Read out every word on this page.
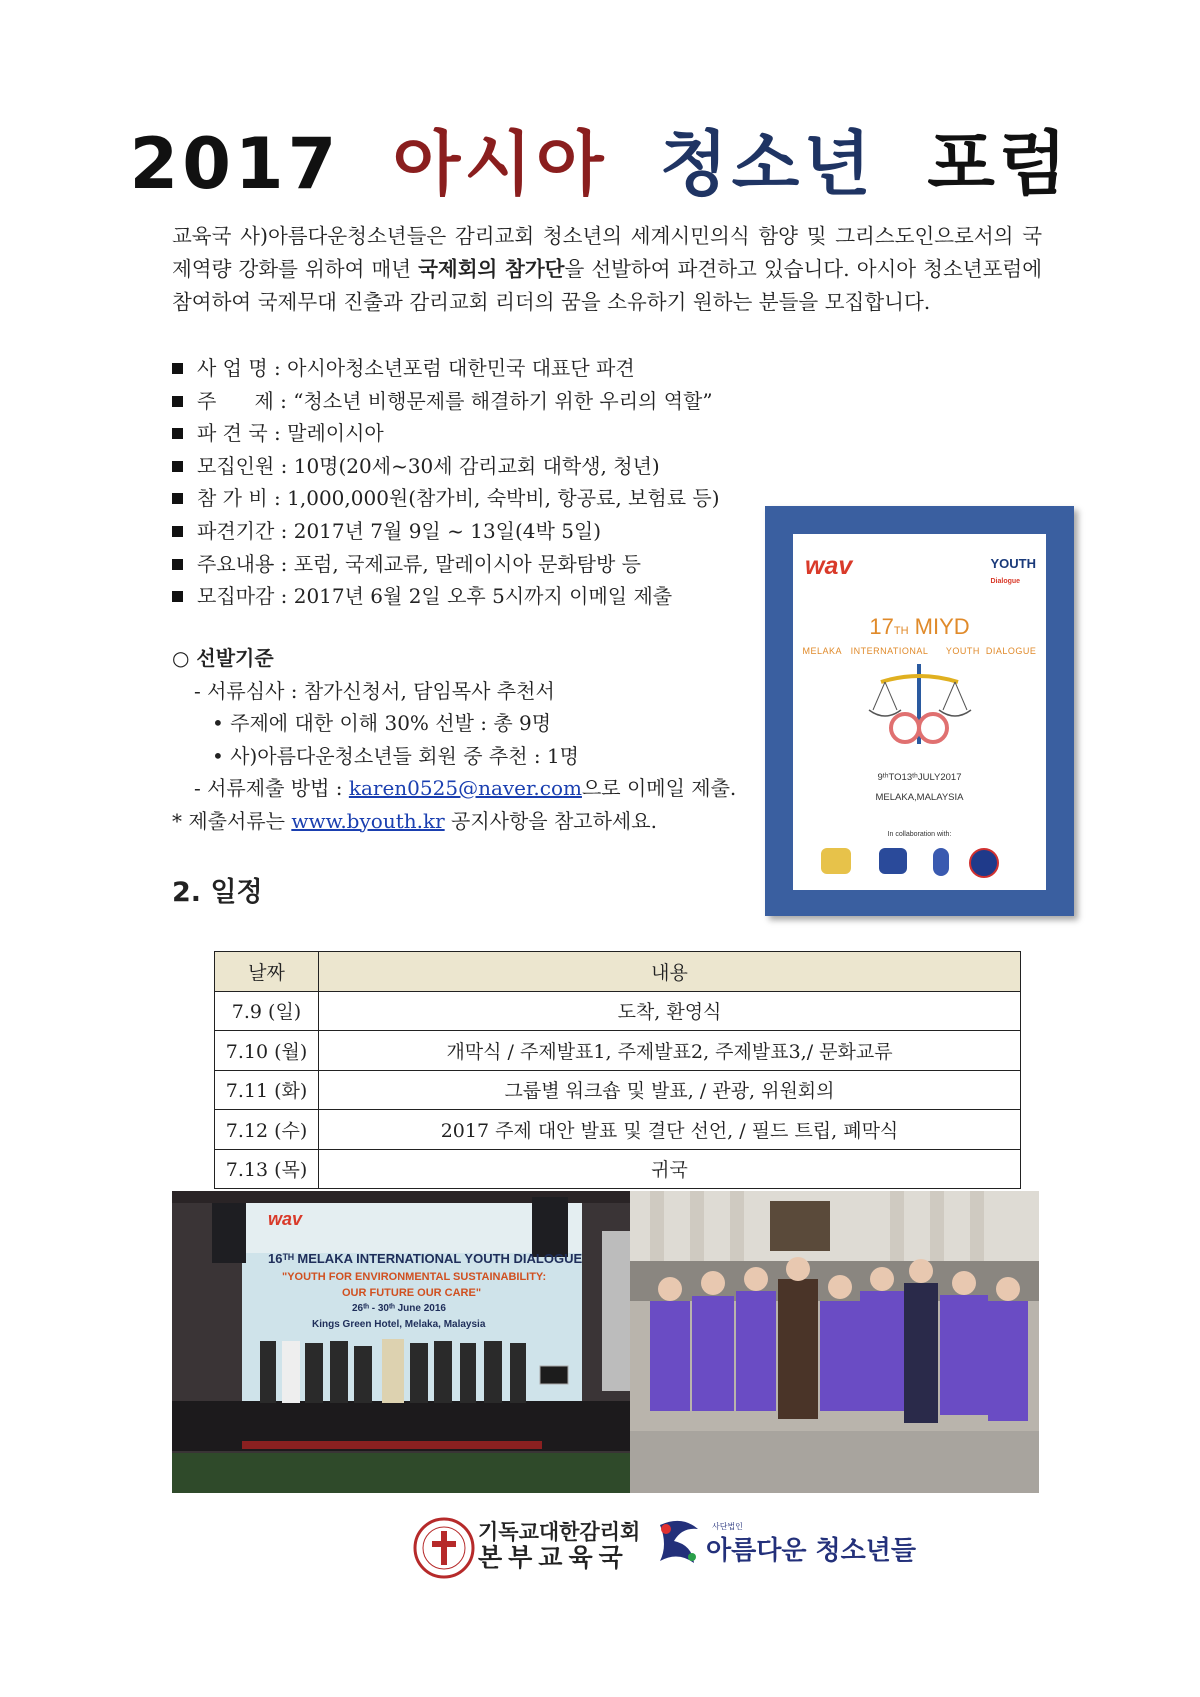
2017 아시아 청소년 포럼
교육국 사)아름다운청소년들은 감리교회 청소년의 세계시민의식 함양 및 그리스도인으로서의 국제역량 강화를 위하여 매년 국제회의 참가단을 선발하여 파견하고 있습니다. 아시아 청소년포럼에 참여하여 국제무대 진출과 감리교회 리더의 꿈을 소유하기 원하는 분들을 모집합니다.
사 업 명 : 아시아청소년포럼 대한민국 대표단 파견
주      제 : “청소년 비행문제를 해결하기 위한 우리의 역할”
파 견 국 : 말레이시아
모집인원 : 10명(20세~30세 감리교회 대학생, 청년)
참 가 비 : 1,000,000원(참가비, 숙박비, 항공료, 보험료 등)
파견기간 : 2017년 7월 9일 ~ 13일(4박 5일)
주요내용 : 포럼, 국제교류, 말레이시아 문화탐방 등
모집마감 : 2017년 6월 2일 오후 5시까지 이메일 제출
○ 선발기준
- 서류심사 : 참가신청서, 담임목사 추천서
• 주제에 대한 이해 30% 선발 : 총 9명
• 사)아름다운청소년들 회원 중 추천 : 1명
- 서류제출 방법 : karen0525@naver.com으로 이메일 제출.
* 제출서류는 www.byouth.kr 공지사항을 참고하세요.
2. 일정
wav	YOUTH
Dialogue
17TH MIYD
MELAKA   INTERNATIONAL      YOUTH  DIALOGUE
9ᵗʰTO13ᵗʰJULY2017
MELAKA,MALAYSIA
In collaboration with:
날짜	내용
7.9 (일)	도착, 환영식
7.10 (월)	개막식 / 주제발표1, 주제발표2, 주제발표3,/ 문화교류
7.11 (화)	그룹별 워크숍 및 발표, / 관광, 위원회의
7.12 (수)	2017 주제 대안 발표 및 결단 선언, / 필드 트립, 폐막식
7.13 (목)	귀국
wav
16ᵀᴴ MELAKA INTERNATIONAL YOUTH DIALOGUE
"YOUTH FOR ENVIRONMENTAL SUSTAINABILITY:
OUR FUTURE OUR CARE"
26ᵗʰ - 30ᵗʰ June 2016
Kings Green Hotel, Melaka, Malaysia
기독교대한감리회
본부교육국
사단법인
아름다운 청소년들
